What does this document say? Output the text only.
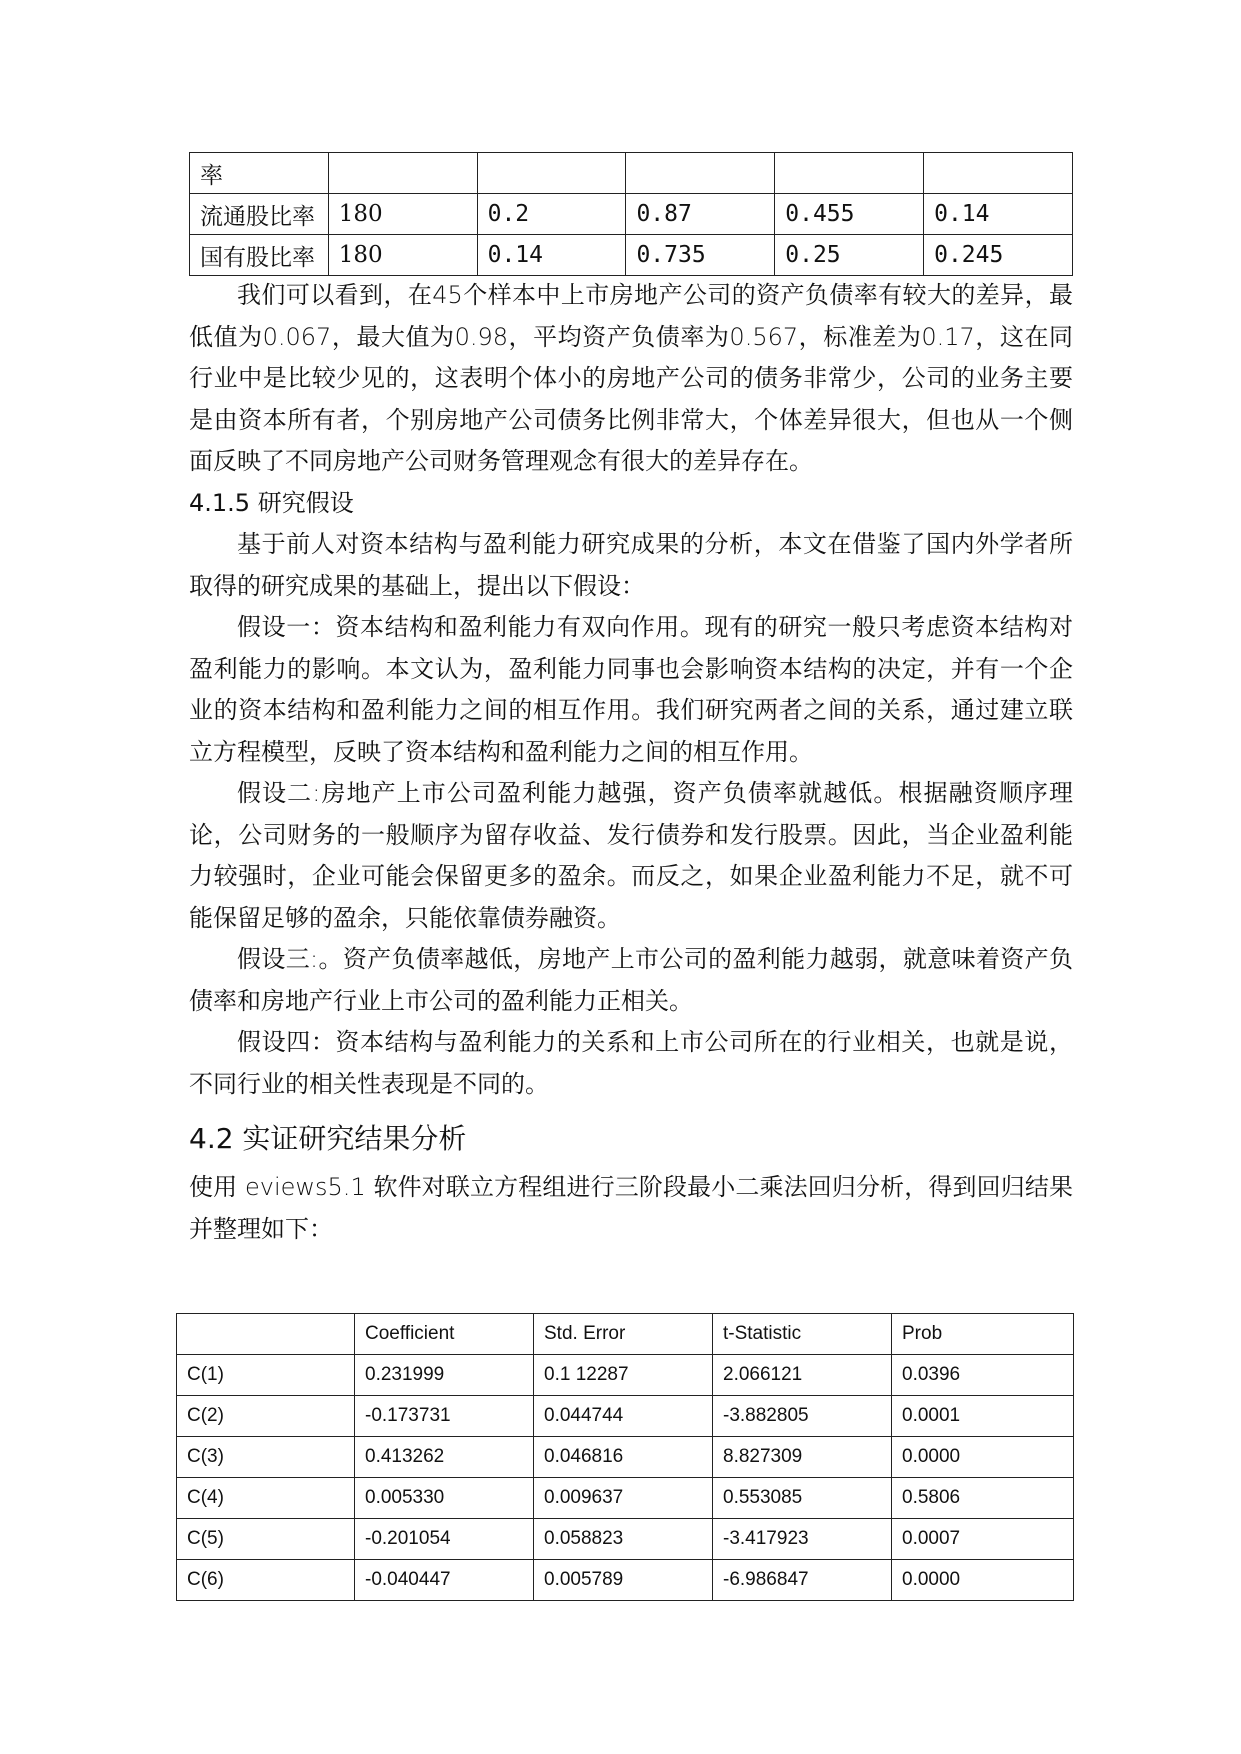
率					
流通股比率	180	0.2	0.87	0.455	0.14
国有股比率	180	0.14	0.735	0.25	0.245

我们可以看到，在45个样本中上市房地产公司的资产负债率有较大的差异，最低值为0.067，最大值为0.98，平均资产负债率为0.567，标准差为0.17，这在同行业中是比较少见的，这表明个体小的房地产公司的债务非常少，公司的业务主要是由资本所有者，个别房地产公司债务比例非常大，个体差异很大，但也从一个侧面反映了不同房地产公司财务管理观念有很大的差异存在。

4.1.5 研究假设

基于前人对资本结构与盈利能力研究成果的分析，本文在借鉴了国内外学者所取得的研究成果的基础上，提出以下假设：

假设一：资本结构和盈利能力有双向作用。现有的研究一般只考虑资本结构对盈利能力的影响。本文认为，盈利能力同事也会影响资本结构的决定，并有一个企业的资本结构和盈利能力之间的相互作用。我们研究两者之间的关系，通过建立联立方程模型，反映了资本结构和盈利能力之间的相互作用。

假设二:房地产上市公司盈利能力越强，资产负债率就越低。根据融资顺序理论，公司财务的一般顺序为留存收益、发行债券和发行股票。因此，当企业盈利能力较强时，企业可能会保留更多的盈余。而反之，如果企业盈利能力不足，就不可能保留足够的盈余，只能依靠债券融资。

假设三:。资产负债率越低，房地产上市公司的盈利能力越弱，就意味着资产负债率和房地产行业上市公司的盈利能力正相关。

假设四：资本结构与盈利能力的关系和上市公司所在的行业相关，也就是说，不同行业的相关性表现是不同的。

4.2 实证研究结果分析

使用 eviews5.1 软件对联立方程组进行三阶段最小二乘法回归分析，得到回归结果并整理如下：

	Coefficient	Std. Error	t-Statistic	Prob
C(1)	0.231999	0.1 12287	2.066121	0.0396
C(2)	-0.173731	0.044744	-3.882805	0.0001
C(3)	0.413262	0.046816	8.827309	0.0000
C(4)	0.005330	0.009637	0.553085	0.5806
C(5)	-0.201054	0.058823	-3.417923	0.0007
C(6)	-0.040447	0.005789	-6.986847	0.0000
